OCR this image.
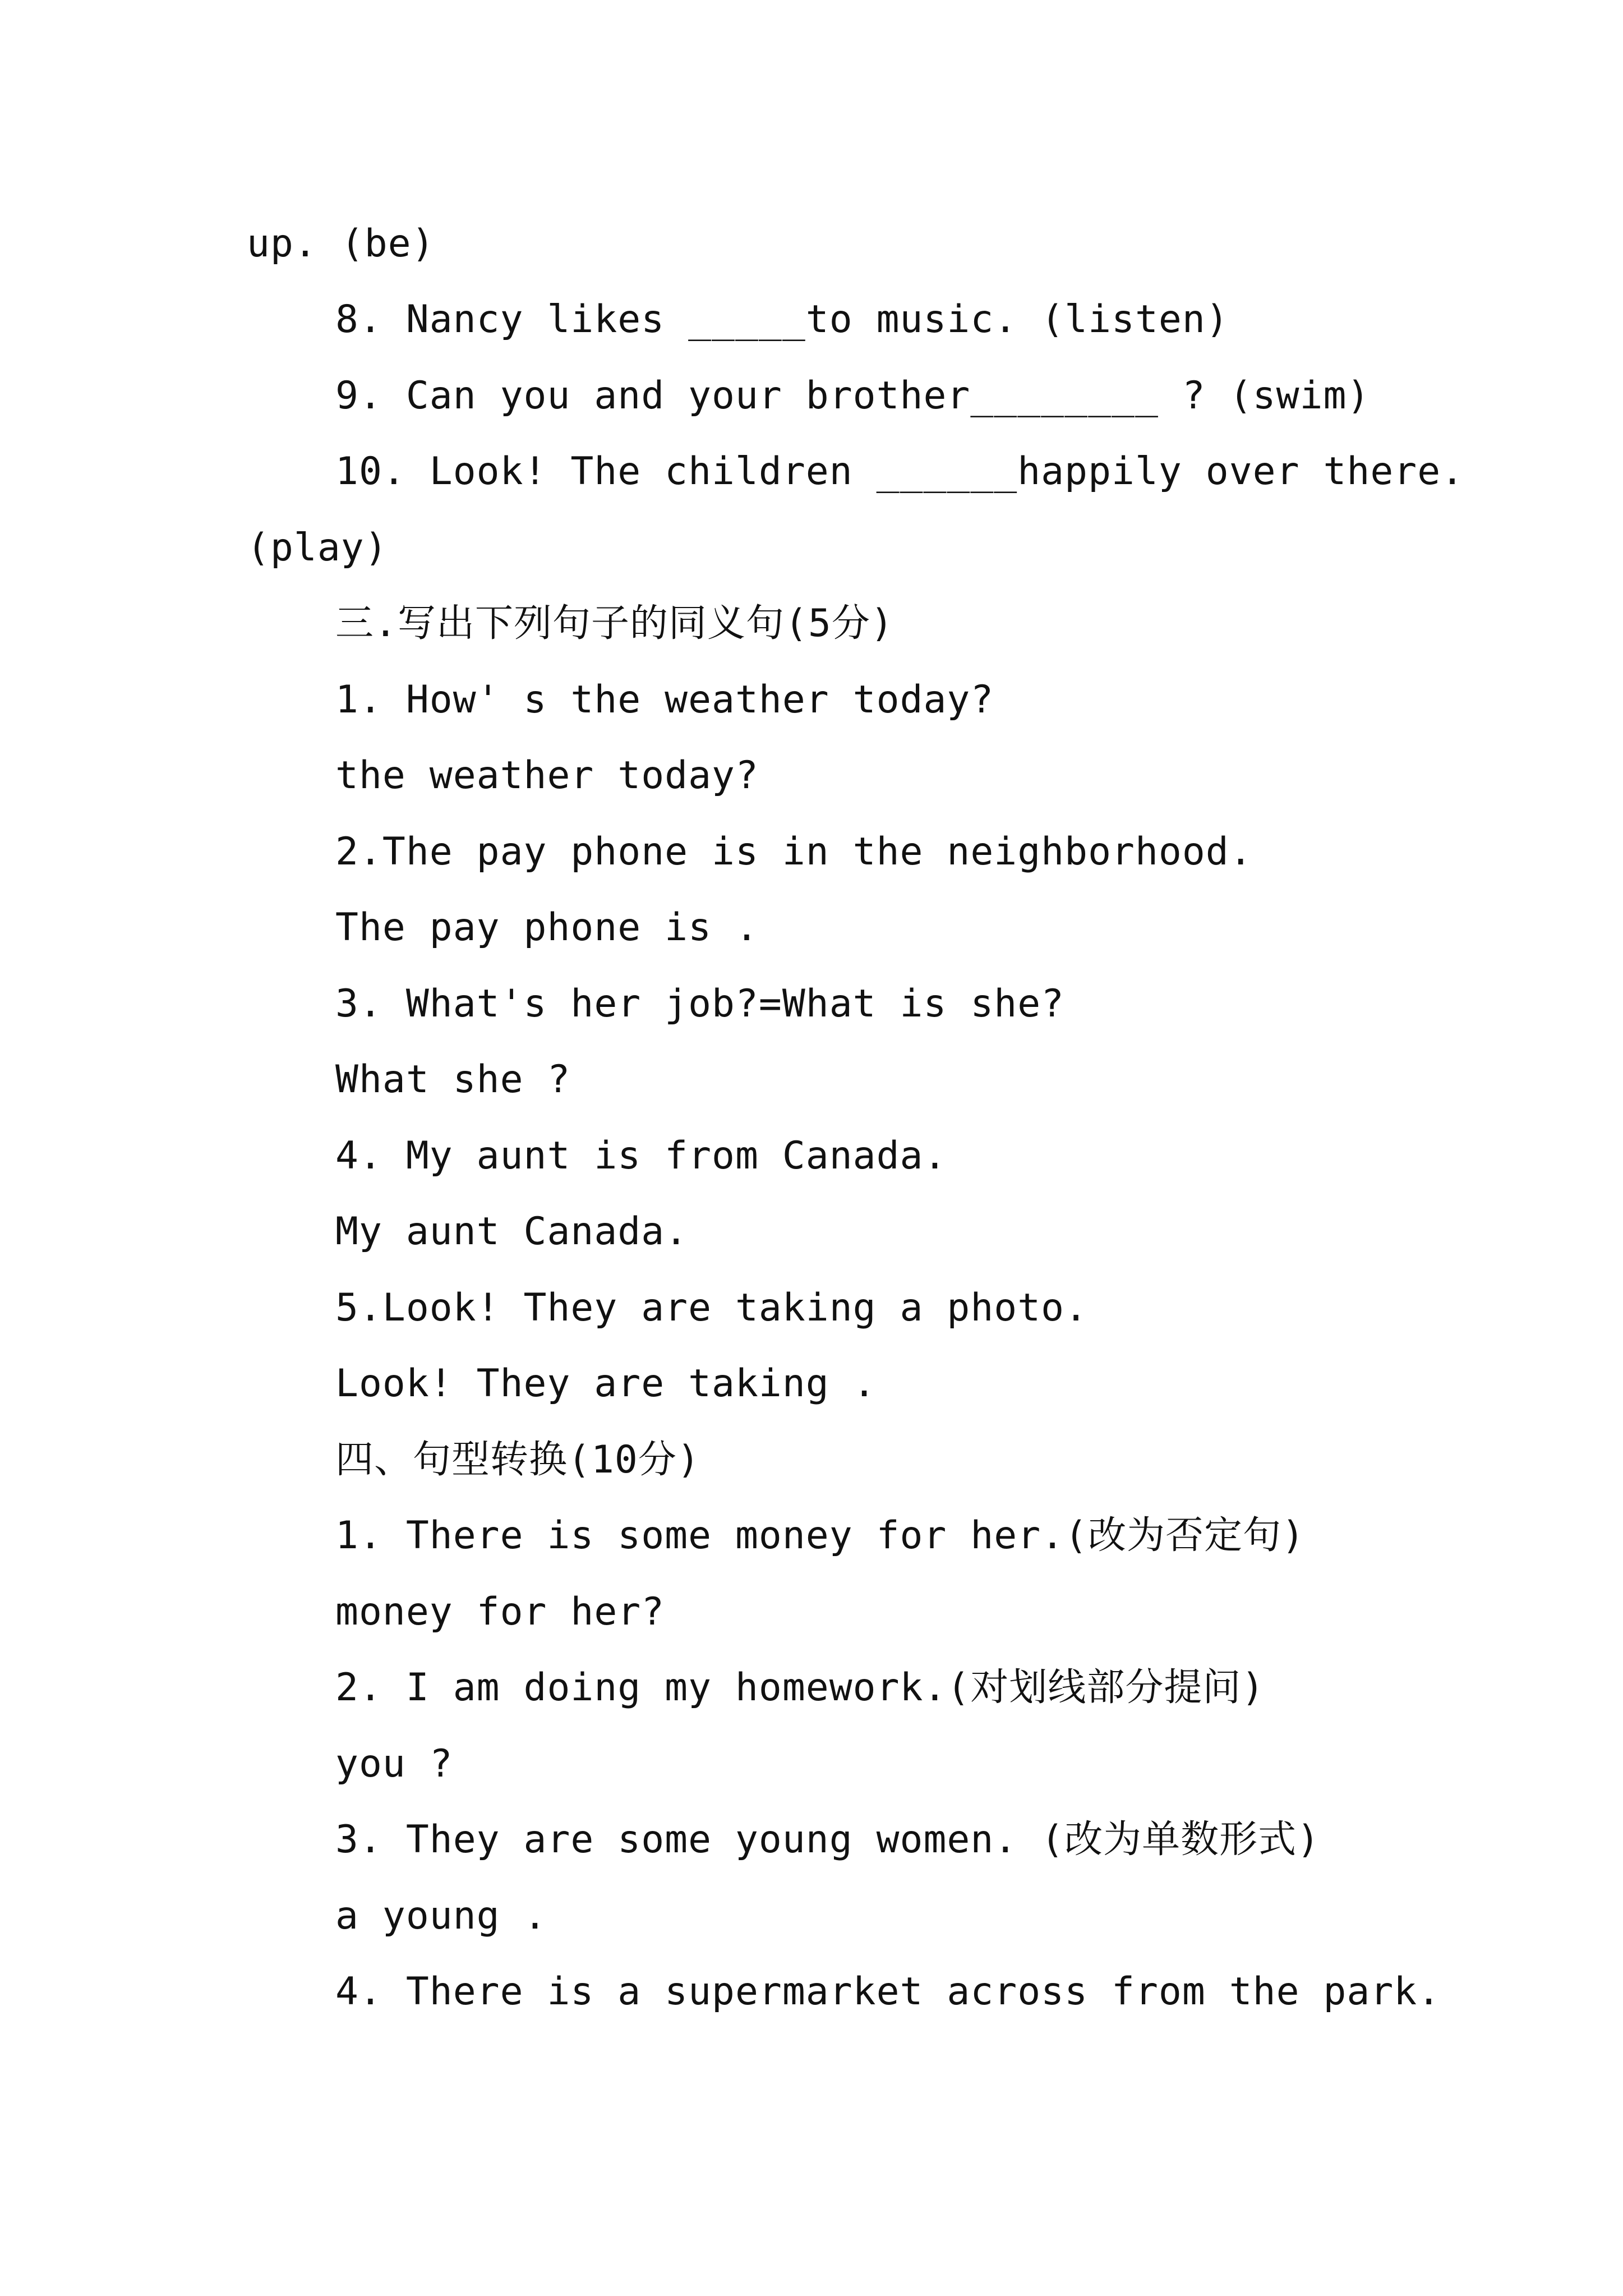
up. (be)
8. Nancy likes _____to music. (listen)
9. Can you and your brother________ ? (swim)
10. Look! The children ______happily over there.
(play)
三.写出下列句子的同义句(5分)
1. How' s the weather today?
the weather today?
2.The pay phone is in the neighborhood.
The pay phone is .
3. What's her job?=What is she?
What she ?
4. My aunt is from Canada.
My aunt Canada.
5.Look! They are taking a photo.
Look! They are taking .
四、句型转换(10分)
1. There is some money for her.(改为否定句)
money for her?
2. I am doing my homework.(对划线部分提问)
you ?
3. They are some young women. (改为单数形式)
a young .
4. There is a supermarket across from the park.
